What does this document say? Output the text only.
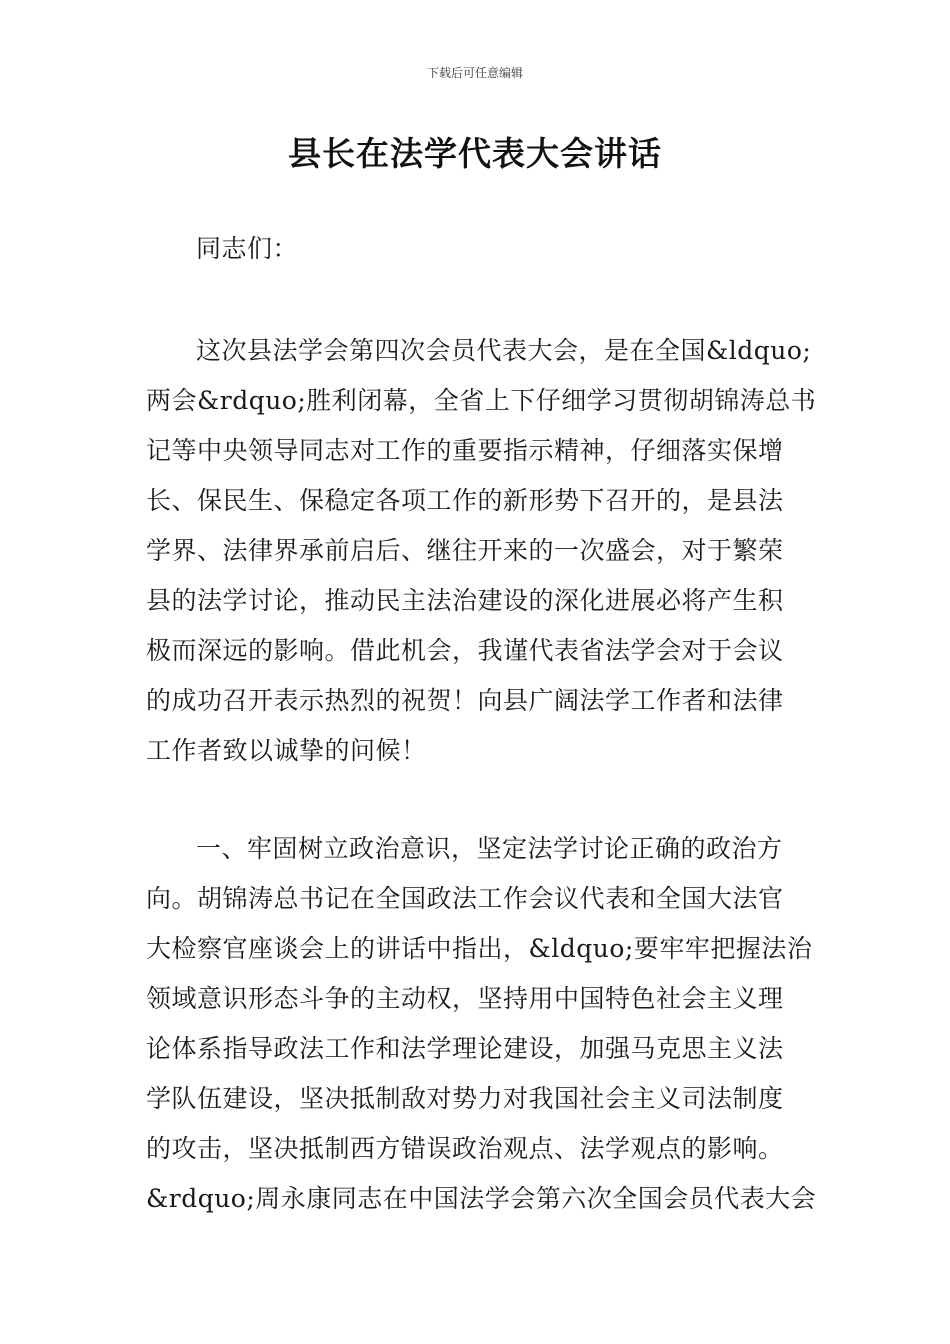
下载后可任意编辑
县长在法学代表大会讲话
同志们：
这次县法学会第四次会员代表大会，是在全国&ldquo;
两会&rdquo;胜利闭幕，全省上下仔细学习贯彻胡锦涛总书
记等中央领导同志对工作的重要指示精神，仔细落实保增
长、保民生、保稳定各项工作的新形势下召开的，是县法
学界、法律界承前启后、继往开来的一次盛会，对于繁荣
县的法学讨论，推动民主法治建设的深化进展必将产生积
极而深远的影响。借此机会，我谨代表省法学会对于会议
的成功召开表示热烈的祝贺！向县广阔法学工作者和法律
工作者致以诚挚的问候！
一、牢固树立政治意识，坚定法学讨论正确的政治方
向。胡锦涛总书记在全国政法工作会议代表和全国大法官
大检察官座谈会上的讲话中指出，&ldquo;要牢牢把握法治
领域意识形态斗争的主动权，坚持用中国特色社会主义理
论体系指导政法工作和法学理论建设，加强马克思主义法
学队伍建设，坚决抵制敌对势力对我国社会主义司法制度
的攻击，坚决抵制西方错误政治观点、法学观点的影响。
&rdquo;周永康同志在中国法学会第六次全国会员代表大会
